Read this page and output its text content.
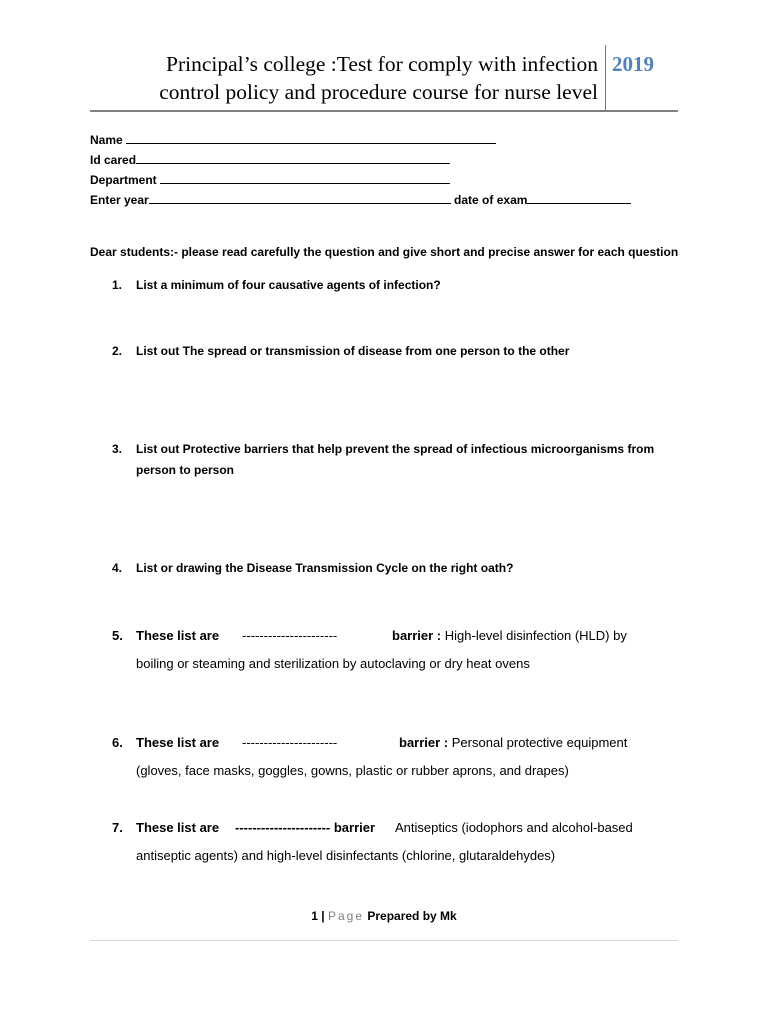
Principal’s college :Test for comply with infection
control policy and procedure course for nurse level
2019
Name
Id cared
Department
Enter year	date of exam
Dear students:- please read carefully the question and give short and precise answer for each question
1.	List a minimum of four causative agents of infection?
2.	List out The spread or transmission of disease from one person to the other
3.	List out Protective barriers that help prevent the spread of infectious microorganisms from
person to person
4.	List or drawing the Disease Transmission Cycle on the right oath?
5.	These list are ----------------------	barrier : High-level disinfection (HLD) by
boiling or steaming and sterilization by autoclaving or dry heat ovens
6.	These list are ----------------------	barrier : Personal protective equipment
(gloves, face masks, goggles, gowns, plastic or rubber aprons, and drapes)
7.	These list are ---------------------- barrier Antiseptics (iodophors and alcohol-based
antiseptic agents) and high-level disinfectants (chlorine, glutaraldehydes)
1 | Page Prepared by Mk
